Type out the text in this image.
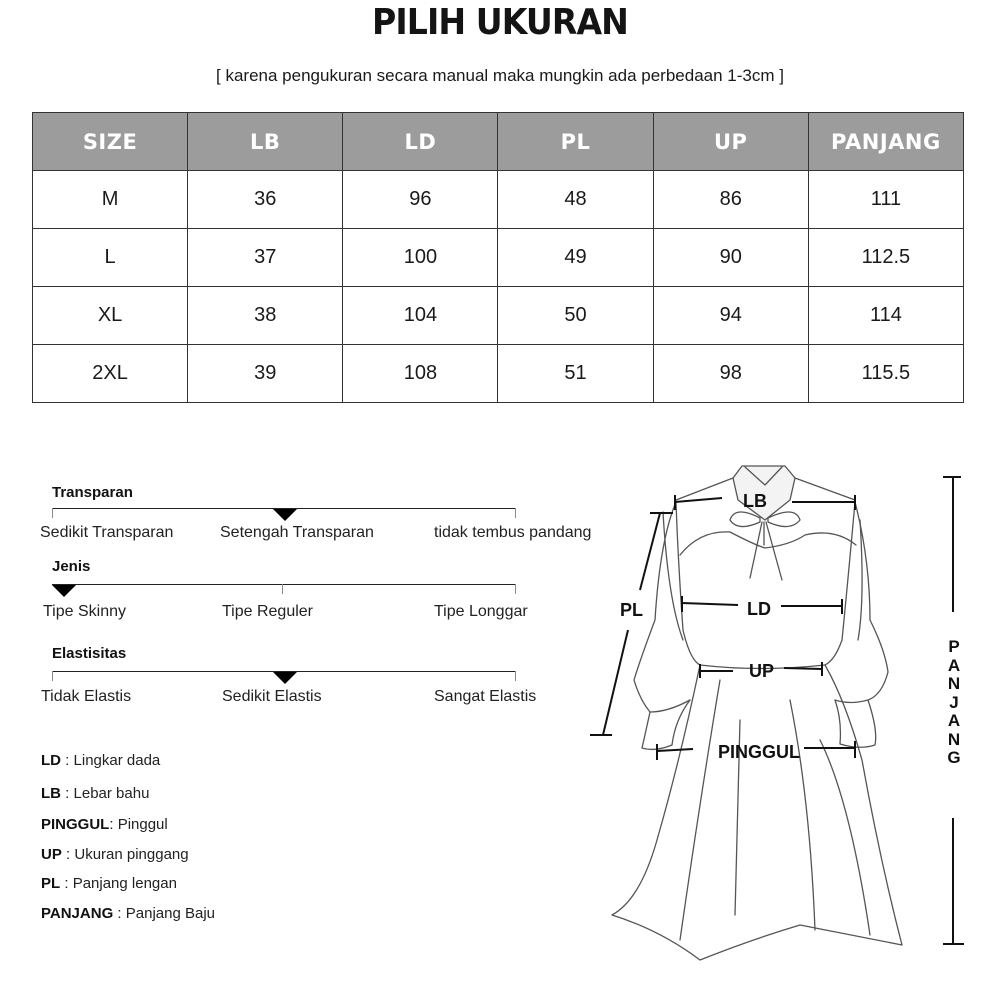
PILIH UKURAN
[ karena pengukuran secara manual maka mungkin ada perbedaan 1-3cm ]
SIZE	LB	LD	PL	UP	PANJANG
M	36	96	48	86	111
L	37	100	49	90	112.5
XL	38	104	50	94	114
2XL	39	108	51	98	115.5
Transparan
Sedikit Transparan	Setengah Transparan	tidak tembus pandang
Jenis
Tipe Skinny	Tipe Reguler	Tipe Longgar
Elastisitas
Tidak Elastis	Sedikit Elastis	Sangat Elastis
LD : Lingkar dada
LB : Lebar bahu
PINGGUL: Pinggul
UP : Ukuran pinggang
PL : Panjang lengan
PANJANG : Panjang Baju
LB
PL	LD
UP
PINGGUL
P
A
N
J
A
N
G
